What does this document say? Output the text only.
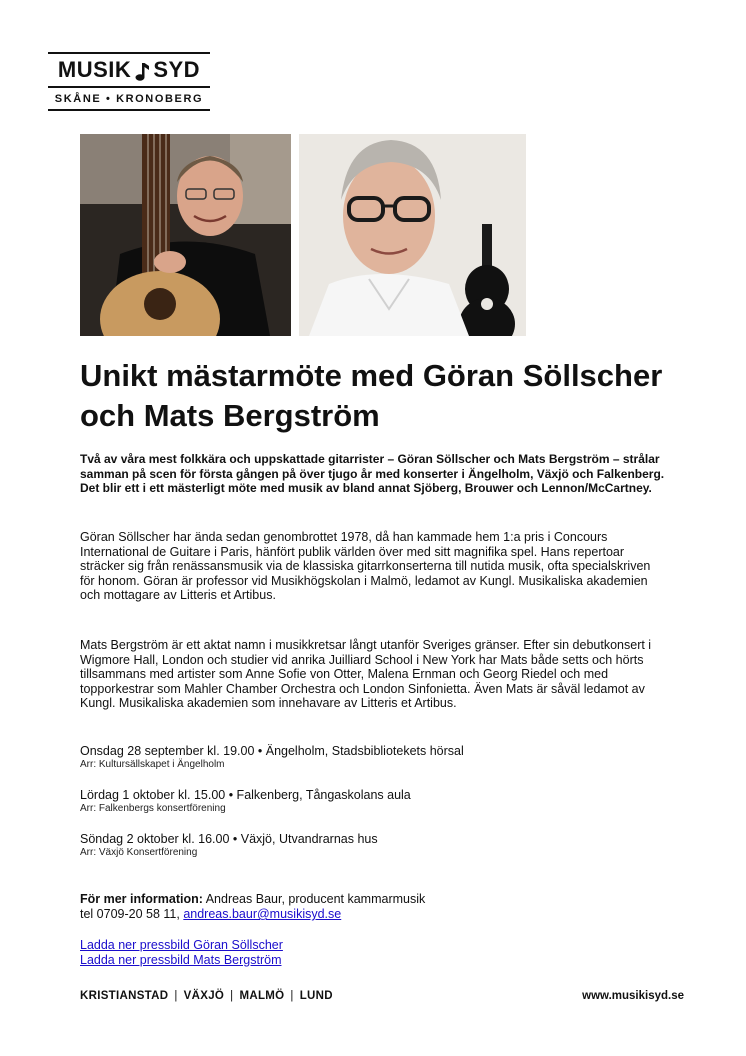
MUSIK SYD
SKÅNE • KRONOBERG
Unikt mästarmöte med Göran Söllscher och Mats Bergström

Två av våra mest folkkära och uppskattade gitarrister – Göran Söllscher och Mats Bergström – strålar samman på scen för första gången på över tjugo år med konserter i Ängelholm, Växjö och Falkenberg. Det blir ett i ett mästerligt möte med musik av bland annat Sjöberg, Brouwer och Lennon/McCartney.

Göran Söllscher har ända sedan genombrottet 1978, då han kammade hem 1:a pris i Concours International de Guitare i Paris, hänfört publik världen över med sitt magnifika spel. Hans repertoar sträcker sig från renässansmusik via de klassiska gitarrkonserterna till nutida musik, ofta specialskriven för honom. Göran är professor vid Musikhögskolan i Malmö, ledamot av Kungl. Musikaliska akademien och mottagare av Litteris et Artibus.

Mats Bergström är ett aktat namn i musikkretsar långt utanför Sveriges gränser. Efter sin debutkonsert i Wigmore Hall, London och studier vid anrika Juilliard School i New York har Mats både setts och hörts tillsammans med artister som Anne Sofie von Otter, Malena Ernman och Georg Riedel och med topporkestrar som Mahler Chamber Orchestra och London Sinfonietta. Även Mats är såväl ledamot av Kungl. Musikaliska akademien som innehavare av Litteris et Artibus.

Onsdag 28 september kl. 19.00 • Ängelholm, Stadsbibliotekets hörsal
Arr: Kultursällskapet i Ängelholm
Lördag 1 oktober kl. 15.00 • Falkenberg, Tångaskolans aula
Arr: Falkenbergs konsertförening
Söndag 2 oktober kl. 16.00 • Växjö, Utvandrarnas hus
Arr: Växjö Konsertförening
För mer information: Andreas Baur, producent kammarmusik
tel 0709-20 58 11, andreas.baur@musikisyd.se
Ladda ner pressbild Göran Söllscher
Ladda ner pressbild Mats Bergström
KRISTIANSTAD | VÄXJÖ | MALMÖ | LUND	www.musikisyd.se
